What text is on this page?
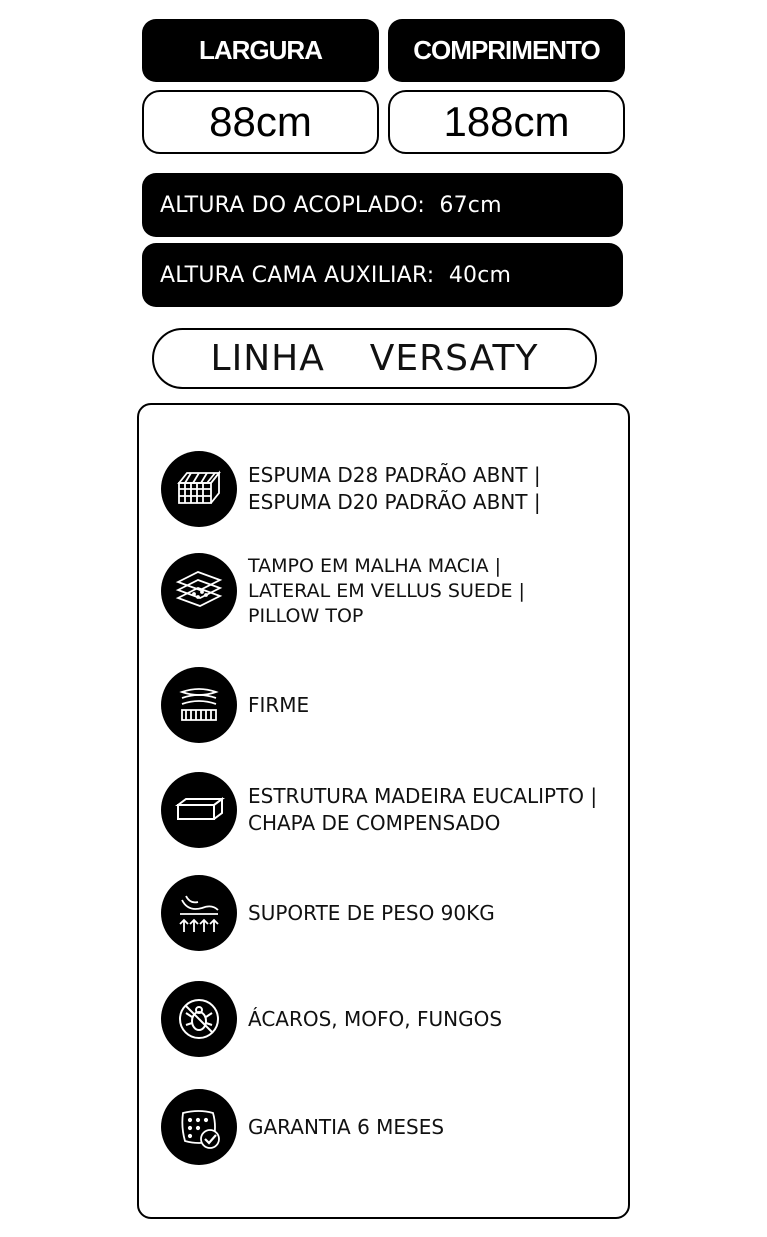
LARGURA	COMPRIMENTO
88cm	188cm
ALTURA DO ACOPLADO:
67cm
ALTURA CAMA AUXILIAR:
40cm
LINHA  VERSATY
ESPUMA D28 PADRÃO ABNT |
ESPUMA D20 PADRÃO ABNT |
TAMPO EM MALHA MACIA |
LATERAL EM VELLUS SUEDE |
PILLOW TOP
FIRME
ESTRUTURA MADEIRA EUCALIPTO |
CHAPA DE COMPENSADO
SUPORTE DE PESO 90KG
ÁCAROS, MOFO, FUNGOS
GARANTIA 6 MESES
